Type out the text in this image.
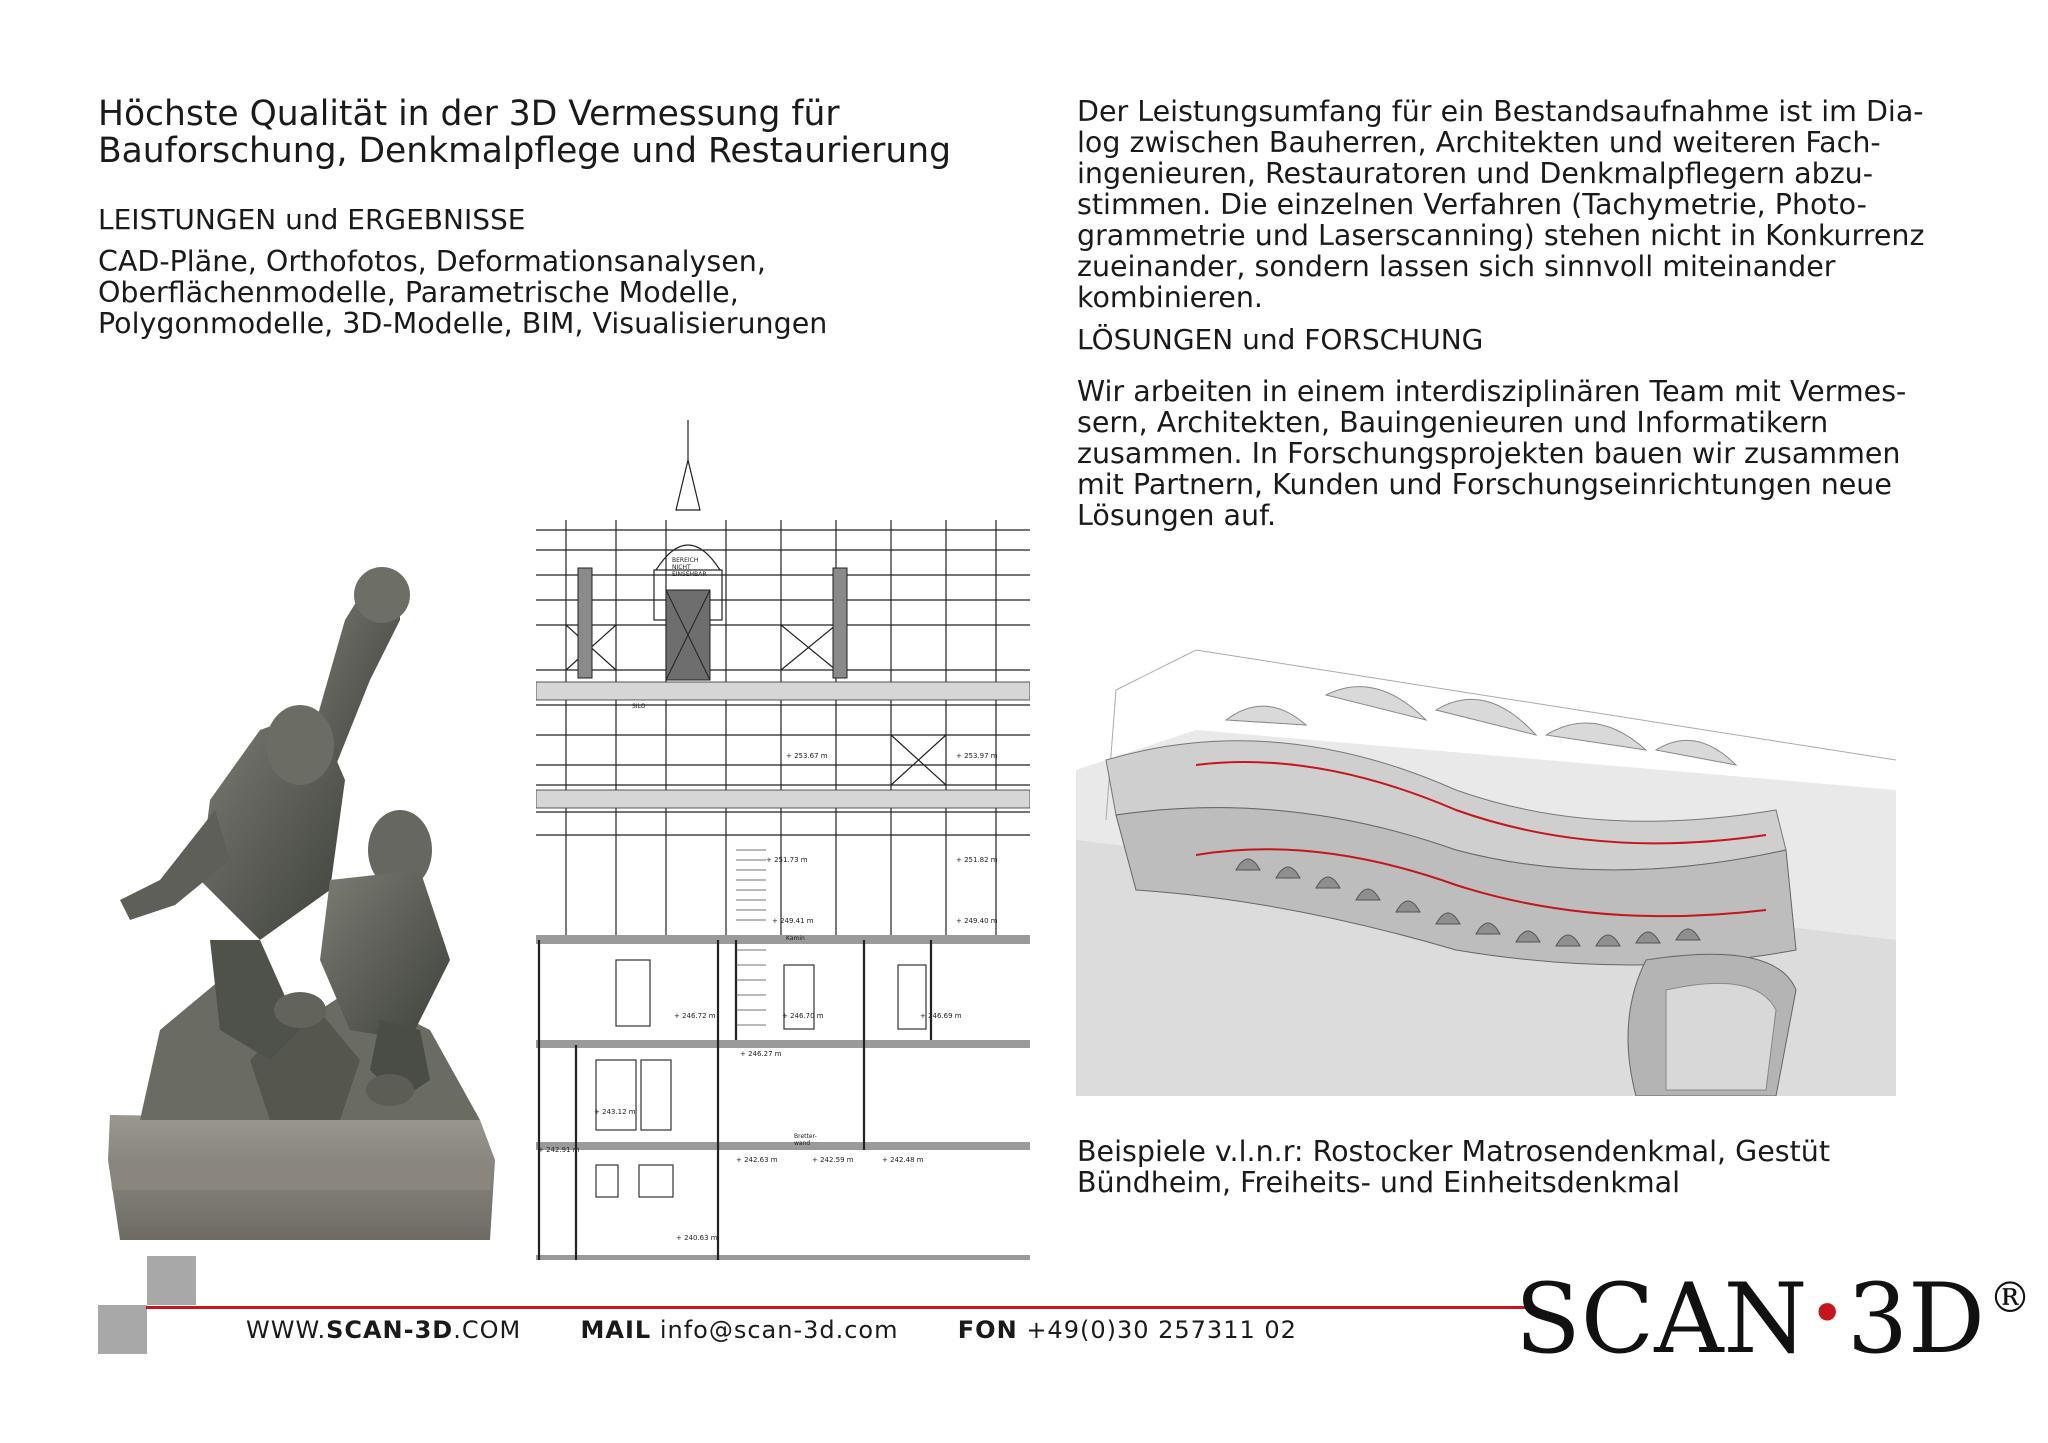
Höchste Qualität in der 3D Vermessung für
Bauforschung, Denkmalpflege und Restaurierung
LEISTUNGEN und ERGEBNISSE
CAD-Pläne, Orthofotos, Deformationsanalysen,
Oberflächenmodelle, Parametrische Modelle,
Polygonmodelle, 3D-Modelle, BIM, Visualisierungen
Der Leistungsumfang für ein Bestandsaufnahme ist im Dia-
log zwischen Bauherren, Architekten und weiteren Fach-
ingenieuren, Restauratoren und Denkmalpflegern abzu-
stimmen. Die einzelnen Verfahren (Tachymetrie, Photo-
grammetrie und Laserscanning) stehen nicht in Konkurrenz
zueinander, sondern lassen sich sinnvoll miteinander
kombinieren.
LÖSUNGEN und FORSCHUNG
Wir arbeiten in einem interdisziplinären Team mit Vermes-
sern, Architekten, Bauingenieuren und Informatikern
zusammen. In Forschungsprojekten bauen wir zusammen
mit Partnern, Kunden und Forschungseinrichtungen neue
Lösungen auf.
BEREICH
NICHT
EINSEHBAR
SILO
Kamin
Bretter-
wand
+ 253.67 m	+ 253.97 m
+ 251.73 m	+ 251.82 m
+ 249.41 m	+ 249.40 m
+ 246.72 m	+ 246.70 m	+ 246.69 m
+ 246.27 m
+ 243.12 m
+ 242.91 m
+ 242.63 m	+ 242.59 m	+ 242.48 m
+ 240.63 m
Beispiele v.l.n.r: Rostocker Matrosendenkmal, Gestüt
Bündheim, Freiheits- und Einheitsdenkmal
WWW.SCAN-3D.COM MAIL info@scan-3d.com FON +49(0)30 257311 02 SCAN•3D®
